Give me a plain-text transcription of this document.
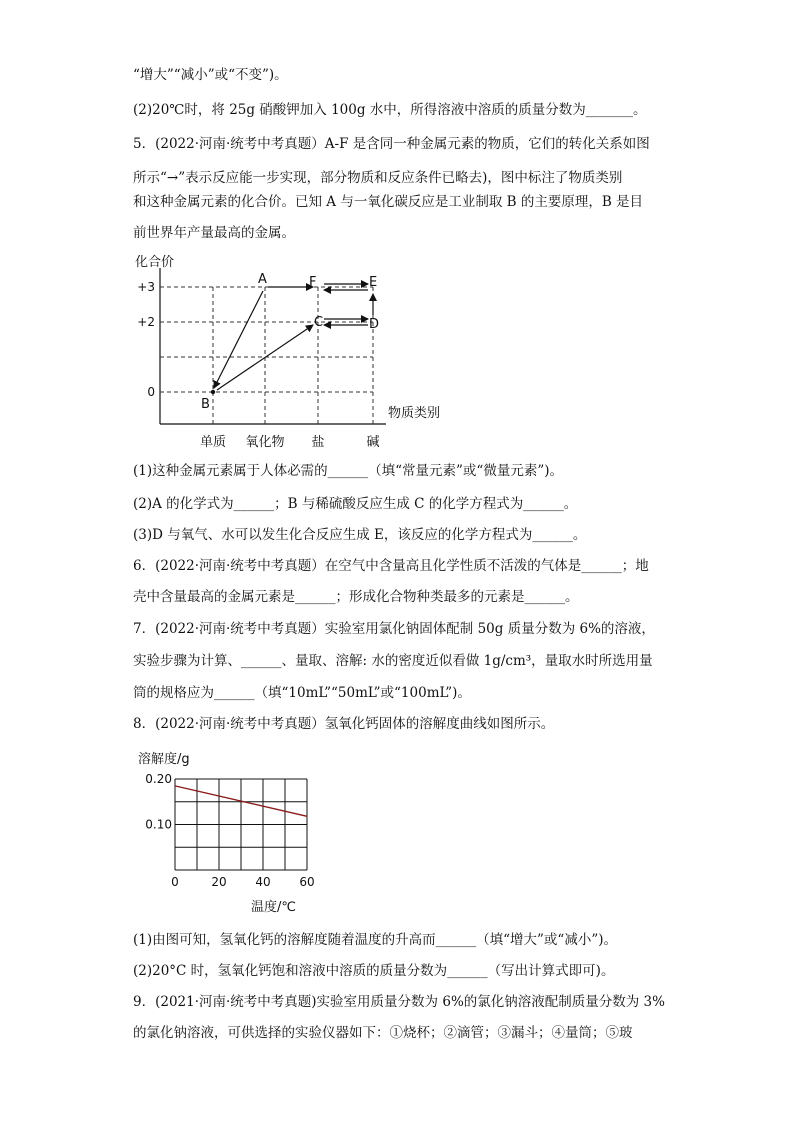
“增大”“减小”或“不变”)。
(2)20℃时，将 25g 硝酸钾加入 100g 水中，所得溶液中溶质的质量分数为_______。
5．(2022·河南·统考中考真题）A-F 是含同一种金属元素的物质，它们的转化关系如图
所示“→”表示反应能一步实现，部分物质和反应条件已略去)，图中标注了物质类别
和这种金属元素的化合价。已知 A 与一氧化碳反应是工业制取 B 的主要原理，B 是目
前世界年产量最高的金属。
+3
+2
0
单质 氧化物 盐	碱
化合价
物质类别
A
B
C	D
E
F
(1)这种金属元素属于人体必需的______（填“常量元素”或“微量元素”)。
(2)A 的化学式为______；B 与稀硫酸反应生成 C 的化学方程式为______。
(3)D 与氧气、水可以发生化合反应生成 E，该反应的化学方程式为______。
6．(2022·河南·统考中考真题）在空气中含量高且化学性质不活泼的气体是______；地
壳中含量最高的金属元素是______；形成化合物种类最多的元素是______。
7．(2022·河南·统考中考真题）实验室用氯化钠固体配制 50g 质量分数为 6%的溶液，
实验步骤为计算、______、量取、溶解: 水的密度近似看做 1g/cm³，量取水时所选用量
筒的规格应为______（填“10mL”“50mL”或“100mL”)。
8．(2022·河南·统考中考真题）氢氧化钙固体的溶解度曲线如图所示。
0	20 40 60
0.20
0.10
溶解度/g
温度/℃
(1)由图可知，氢氧化钙的溶解度随着温度的升高而______（填“增大”或“减小”)。
(2)20°C 时，氢氧化钙饱和溶液中溶质的质量分数为______（写出计算式即可)。
9．(2021·河南·统考中考真题)实验室用质量分数为 6%的氯化钠溶液配制质量分数为 3%
的氯化钠溶液，可供选择的实验仪器如下：①烧杯；②滴管；③漏斗；④量筒；⑤玻
